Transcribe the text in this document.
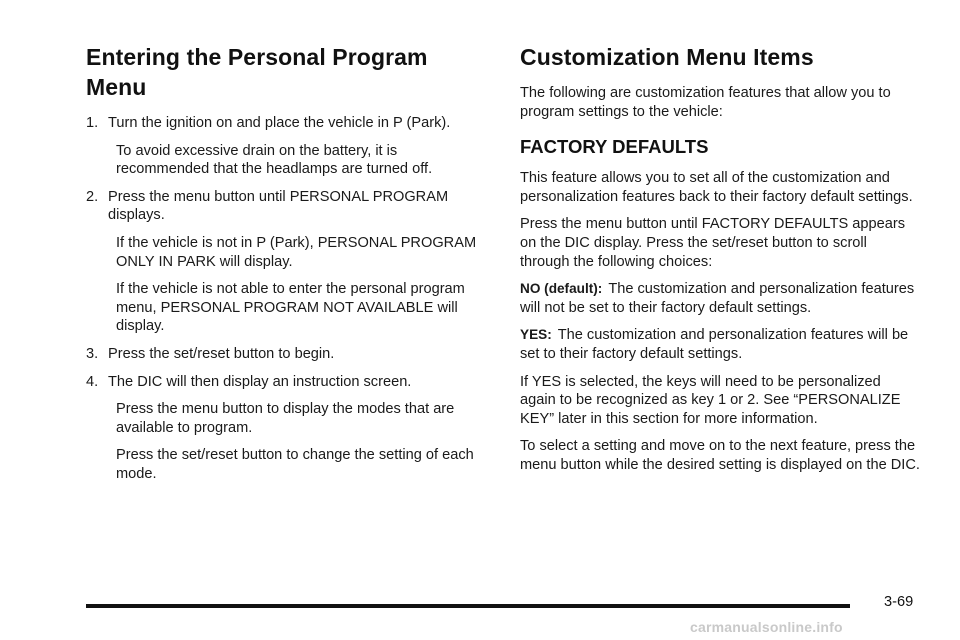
Entering the Personal Program Menu
1. Turn the ignition on and place the vehicle in P (Park).

To avoid excessive drain on the battery, it is recommended that the headlamps are turned off.

2. Press the menu button until PERSONAL PROGRAM displays.

If the vehicle is not in P (Park), PERSONAL PROGRAM ONLY IN PARK will display.

If the vehicle is not able to enter the personal program menu, PERSONAL PROGRAM NOT AVAILABLE will display.

3. Press the set/reset button to begin.
4. The DIC will then display an instruction screen.

Press the menu button to display the modes that are available to program.

Press the set/reset button to change the setting of each mode.

Customization Menu Items

The following are customization features that allow you to program settings to the vehicle:

FACTORY DEFAULTS

This feature allows you to set all of the customization and personalization features back to their factory default settings.

Press the menu button until FACTORY DEFAULTS appears on the DIC display. Press the set/reset button to scroll through the following choices:

NO (default): The customization and personalization features will not be set to their factory default settings.

YES: The customization and personalization features will be set to their factory default settings.

If YES is selected, the keys will need to be personalized again to be recognized as key 1 or 2. See “PERSONALIZE KEY” later in this section for more information.

To select a setting and move on to the next feature, press the menu button while the desired setting is displayed on the DIC.

3-69
carmanualsonline.info
